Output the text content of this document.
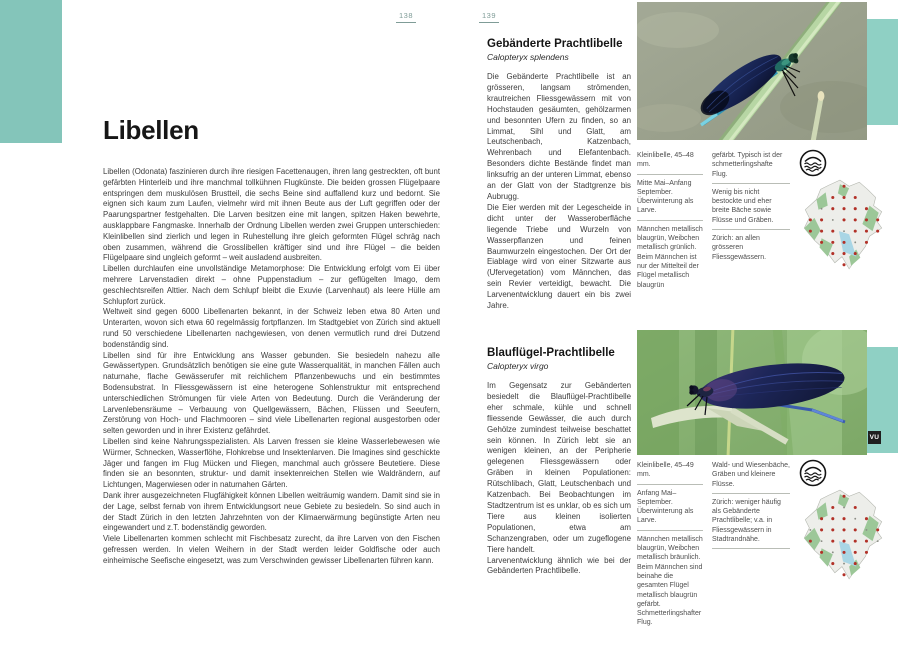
138	139
Libellen

Libellen (Odonata) faszinieren durch ihre riesigen Facettenaugen, ihren lang gestreckten, oft bunt gefärbten Hinterleib und ihre manchmal tollkühnen Flugkünste. Die beiden grossen Flügelpaare entspringen dem muskulösen Brustteil, die sechs Beine sind auffallend kurz und bedornt. Sie eignen sich kaum zum Laufen, vielmehr wird mit ihnen Beute aus der Luft gegriffen oder der Paarungspartner festgehalten. Die Larven besitzen eine mit langen, spitzen Haken bewehrte, ausklappbare Fangmaske. Innerhalb der Ordnung Libellen werden zwei Gruppen unterschieden: Kleinlibellen sind zierlich und legen in Ruhestellung ihre gleich geformten Flügel schräg nach oben zusammen, während die Grosslibellen kräftiger sind und ihre Flügel – die beiden Flügelpaare sind ungleich geformt – weit ausladend ausbreiten.

Libellen durchlaufen eine unvollständige Metamorphose: Die Entwicklung erfolgt vom Ei über mehrere Larvenstadien direkt – ohne Puppenstadium – zur geflügelten Imago, dem geschlechtsreifen Alttier. Nach dem Schlupf bleibt die Exuvie (Larvenhaut) als leere Hülle am Schlupfort zurück.

Weltweit sind gegen 6000 Libellenarten bekannt, in der Schweiz leben etwa 80 Arten und Unterarten, wovon sich etwa 60 regelmässig fortpflanzen. Im Stadtgebiet von Zürich sind aktuell rund 50 verschiedene Libellenarten nachgewiesen, von denen vermutlich rund drei Dutzend bodenständig sind.

Libellen sind für ihre Entwicklung ans Wasser gebunden. Sie besiedeln nahezu alle Gewässertypen. Grundsätzlich benötigen sie eine gute Wasserqualität, in manchen Fällen auch naturnahe, flache Gewässerufer mit reichlichem Pflanzenbewuchs und ein bestimmtes Bodensubstrat. In Fliessgewässern ist eine heterogene Sohlenstruktur mit entsprechend unterschiedlichen Strömungen für viele Arten von Bedeutung. Durch die Veränderung der Larvenlebensräume – Verbauung von Quellgewässern, Bächen, Flüssen und Seeufern, Zerstörung von Hoch- und Flachmooren – sind viele Libellenarten regional ausgestorben oder selten geworden und in ihrer Existenz gefährdet.

Libellen sind keine Nahrungsspezialisten. Als Larven fressen sie kleine Wasserlebewesen wie Würmer, Schnecken, Wasserflöhe, Flohkrebse und Insektenlarven. Die Imagines sind geschickte Jäger und fangen im Flug Mücken und Fliegen, manchmal auch grössere Beutetiere. Diese finden sie an besonnten, struktur- und damit insektenreichen Stellen wie Waldrändern, auf Lichtungen, Magerwiesen oder in naturnahen Gärten.

Dank ihrer ausgezeichneten Flugfähigkeit können Libellen weiträumig wandern. Damit sind sie in der Lage, selbst fernab von ihrem Entwicklungsort neue Gebiete zu besiedeln. So sind auch in der Stadt Zürich in den letzten Jahrzehnten von der Klimaerwärmung begünstigte Arten neu eingewandert und z.T. bodenständig geworden.

Viele Libellenarten kommen schlecht mit Fischbesatz zurecht, da ihre Larven von den Fischen gefressen werden. In vielen Weihern in der Stadt werden leider Goldfische oder auch einheimische Seefische eingesetzt, was zum Verschwinden gewisser Libellenarten führen kann.

Gebänderte Prachtlibelle
Calopteryx splendens

Die Gebänderte Prachtlibelle ist an grösseren, langsam strömenden, krautreichen Fliessgewässern mit von Hochstauden gesäumten, gehölzarmen und besonnten Ufern zu finden, so an Limmat, Sihl und Glatt, am Leutschenbach, Katzenbach, Wehrenbach und Elefantenbach. Besonders dichte Bestände findet man linksufrig an der unteren Limmat, ebenso an der Glatt von der Stadtgrenze bis Aubrugg.

Die Eier werden mit der Legescheide in dicht unter der Wasseroberfläche liegende Triebe und Wurzeln von Wasserpflanzen und feinen Baumwurzeln eingestochen. Der Ort der Eiablage wird von einer Sitzwarte aus (Ufervegetation) vom Männchen, das sein Revier verteidigt, bewacht. Die Larvenentwicklung dauert ein bis zwei Jahre.

Kleinlibelle, 45–48 mm.
Mitte Mai–Anfang September. Überwinterung als Larve.
Männchen metallisch blaugrün, Weibchen metallisch grünlich. Beim Männchen ist nur der Mittelteil der Flügel metallisch blaugrün
gefärbt. Typisch ist der schmetterlingshafte Flug.
Wenig bis nicht bestockte und eher breite Bäche sowie Flüsse und Gräben.
Zürich: an allen grösseren Fliessgewässern.
Blauflügel-Prachtlibelle
Calopteryx virgo

Im Gegensatz zur Gebänderten besiedelt die Blauflügel-Prachtlibelle eher schmale, kühle und schnell fliessende Gewässer, die auch durch Gehölze zumindest teilweise beschattet sein können. In Zürich lebt sie an wenigen kleinen, an der Peripherie gelegenen Fliessgewässern oder Gräben in kleinen Populationen: Rütschlibach, Glatt, Leutschenbach und Katzenbach. Bei Beobachtungen im Stadtzentrum ist es unklar, ob es sich um Tiere aus kleinen isolierten Populationen, etwa am Schanzengraben, oder um zugeflogene Tiere handelt.

Larvenentwicklung ähnlich wie bei der Gebänderten Prachtlibelle.

VU
Kleinlibelle, 45–49 mm.
Anfang Mai–September. Überwinterung als Larve.
Männchen metallisch blaugrün, Weibchen metallisch bräunlich. Beim Männchen sind beinahe die gesamten Flügel metallisch blaugrün gefärbt. Schmetterlingshafter Flug.
Wald- und Wiesenbäche, Gräben und kleinere Flüsse.
Zürich: weniger häufig als Gebänderte Prachtlibelle; v.a. in Fliessgewässern in Stadtrandnähe.
